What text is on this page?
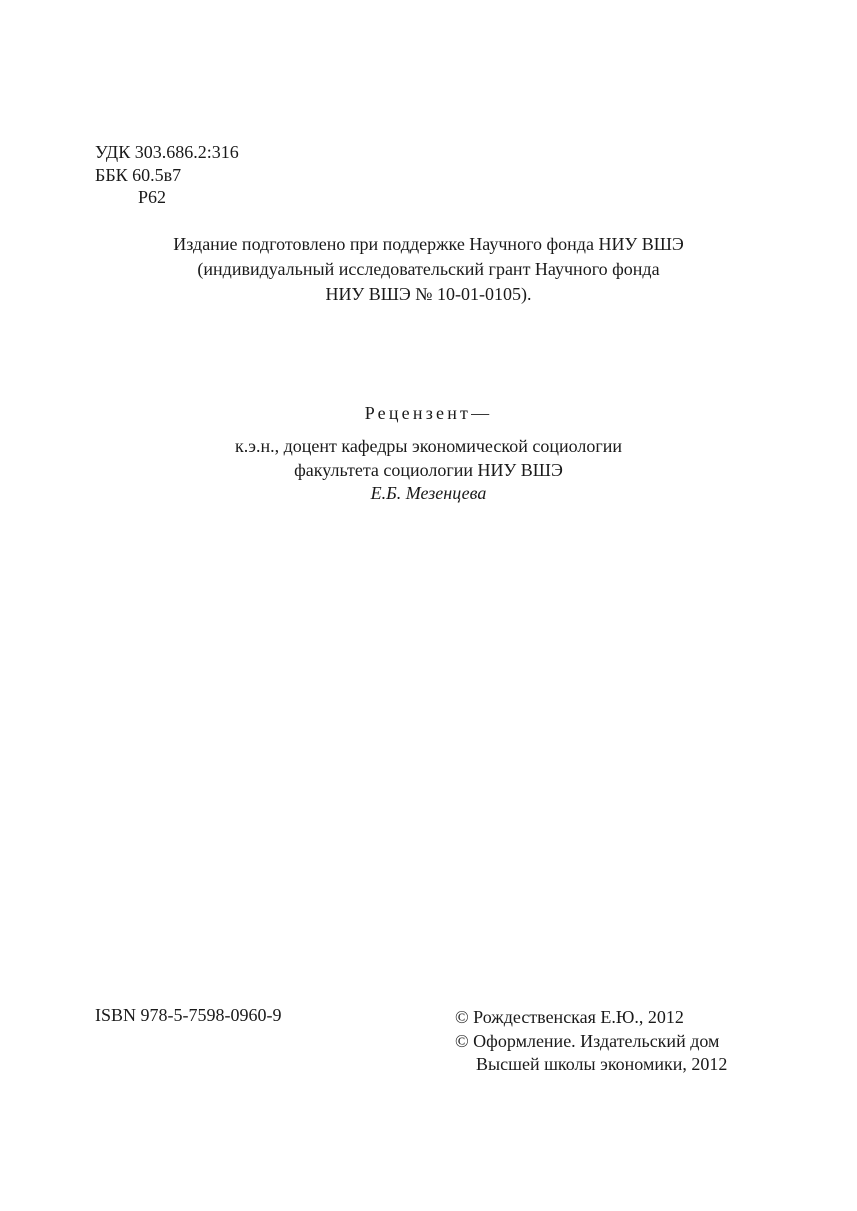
УДК 303.686.2:316
ББК 60.5в7
Р62
Издание подготовлено при поддержке Научного фонда НИУ ВШЭ
(индивидуальный исследовательский грант Научного фонда
НИУ ВШЭ № 10-01-0105).
Рецензент—
к.э.н., доцент кафедры экономической социологии
факультета социологии НИУ ВШЭ
Е.Б. Мезенцева
ISBN 978-5-7598-0960-9	© Рождественская Е.Ю., 2012
© Оформление. Издательский дом
Высшей школы экономики, 2012
